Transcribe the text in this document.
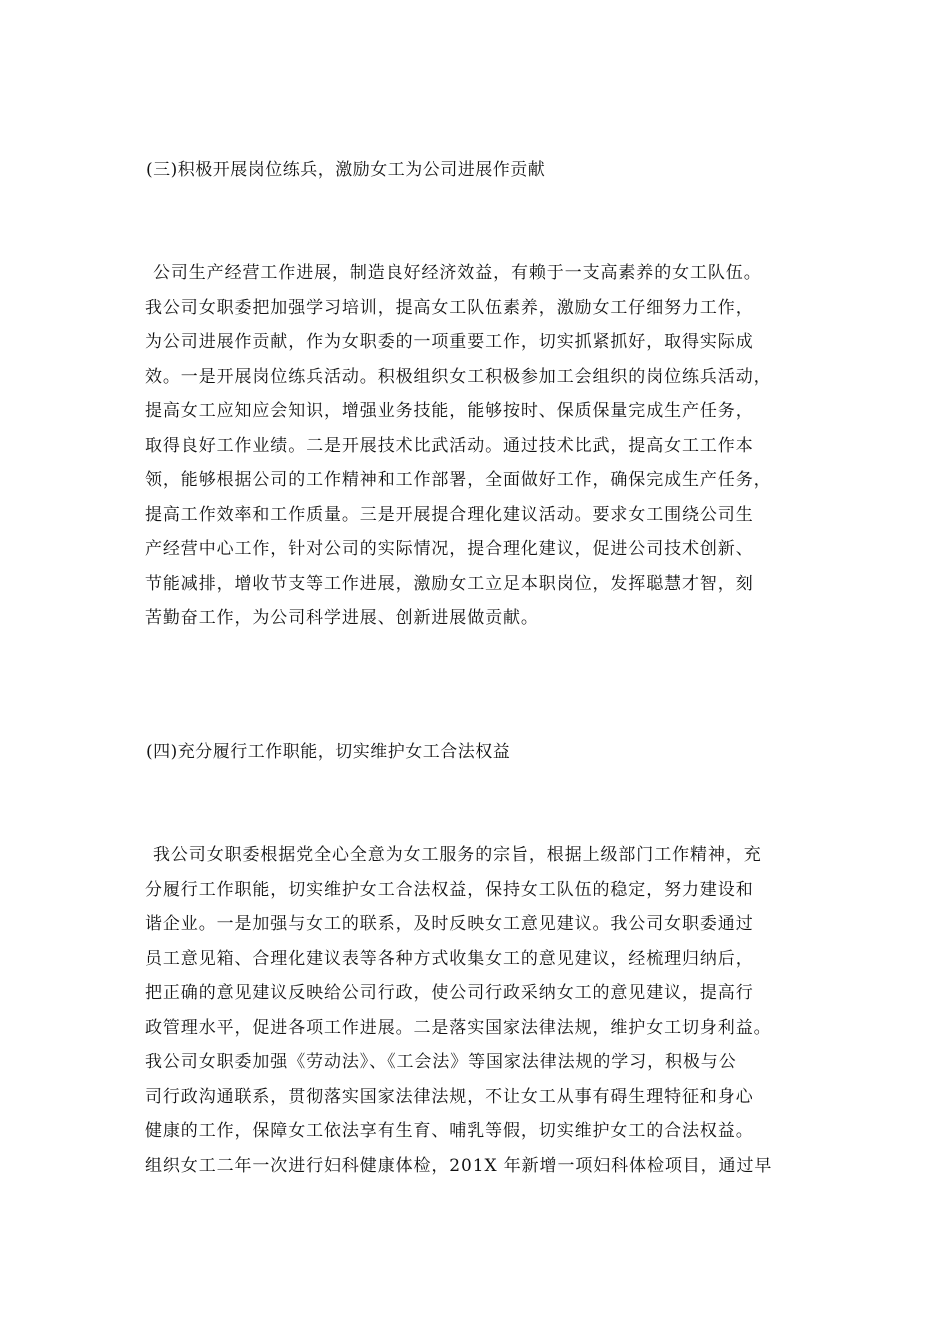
(三)积极开展岗位练兵，激励女工为公司进展作贡献
公司生产经营工作进展，制造良好经济效益，有赖于一支高素养的女工队伍。
我公司女职委把加强学习培训，提高女工队伍素养，激励女工仔细努力工作，
为公司进展作贡献，作为女职委的一项重要工作，切实抓紧抓好，取得实际成
效。一是开展岗位练兵活动。积极组织女工积极参加工会组织的岗位练兵活动，
提高女工应知应会知识，增强业务技能，能够按时、保质保量完成生产任务，
取得良好工作业绩。二是开展技术比武活动。通过技术比武，提高女工工作本
领，能够根据公司的工作精神和工作部署，全面做好工作，确保完成生产任务，
提高工作效率和工作质量。三是开展提合理化建议活动。要求女工围绕公司生
产经营中心工作，针对公司的实际情况，提合理化建议，促进公司技术创新、
节能减排，增收节支等工作进展，激励女工立足本职岗位，发挥聪慧才智，刻
苦勤奋工作，为公司科学进展、创新进展做贡献。
(四)充分履行工作职能，切实维护女工合法权益
我公司女职委根据党全心全意为女工服务的宗旨，根据上级部门工作精神，充
分履行工作职能，切实维护女工合法权益，保持女工队伍的稳定，努力建设和
谐企业。一是加强与女工的联系，及时反映女工意见建议。我公司女职委通过
员工意见箱、合理化建议表等各种方式收集女工的意见建议，经梳理归纳后，
把正确的意见建议反映给公司行政，使公司行政采纳女工的意见建议，提高行
政管理水平，促进各项工作进展。二是落实国家法律法规，维护女工切身利益。
我公司女职委加强《劳动法》、《工会法》等国家法律法规的学习，积极与公
司行政沟通联系，贯彻落实国家法律法规，不让女工从事有碍生理特征和身心
健康的工作，保障女工依法享有生育、哺乳等假，切实维护女工的合法权益。
组织女工二年一次进行妇科健康体检，201X 年新增一项妇科体检项目，通过早
